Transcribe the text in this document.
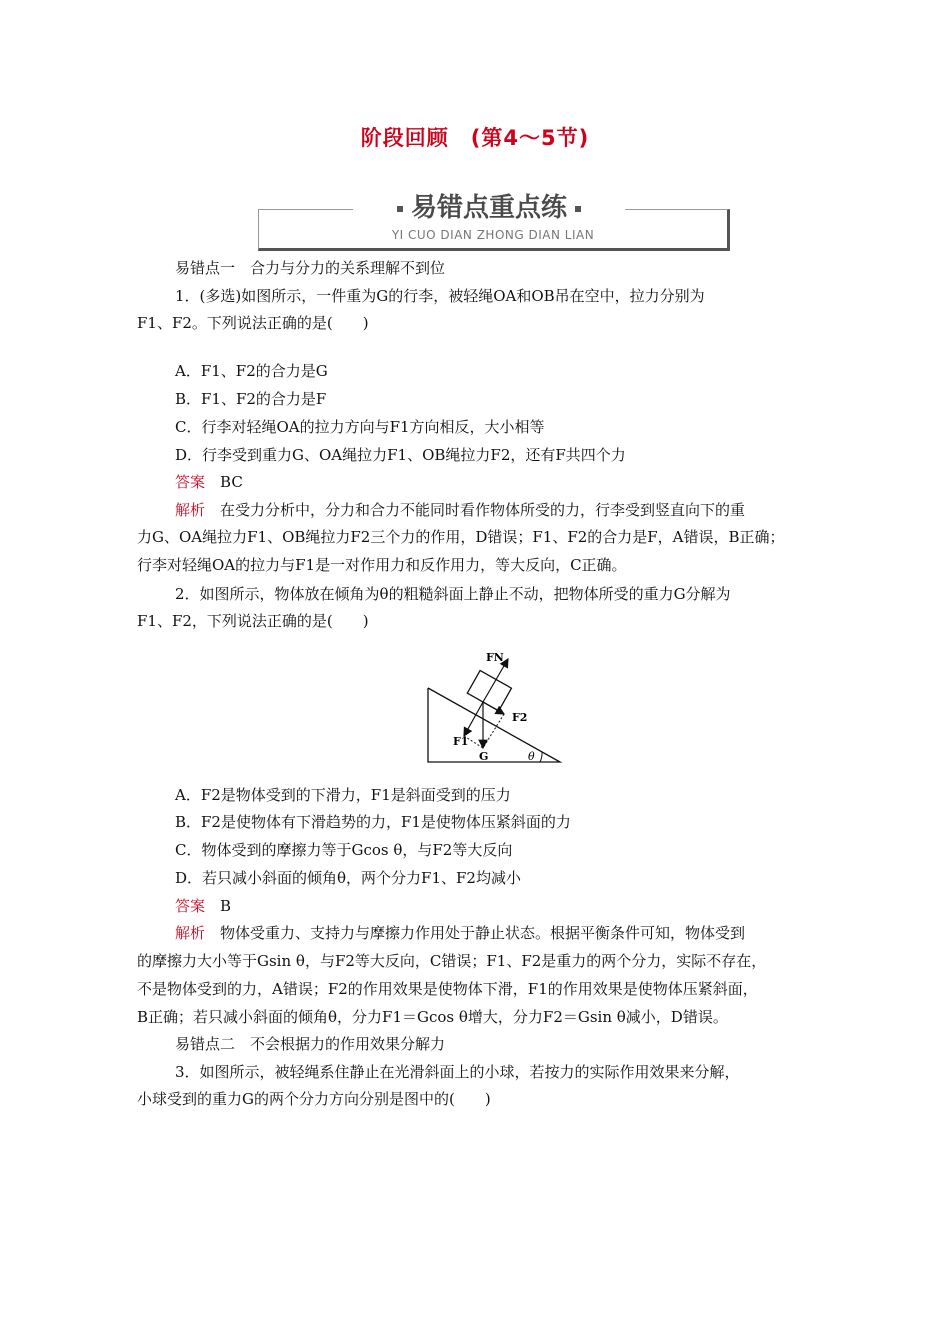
阶段回顾　(第4～5节)
易错点重点练
YI CUO DIAN ZHONG DIAN LIAN
易错点一　合力与分力的关系理解不到位
1．(多选)如图所示，一件重为G的行李，被轻绳OA和OB吊在空中，拉力分别为
F1、F2。下列说法正确的是(　　)
A．F1、F2的合力是G
B．F1、F2的合力是F
C．行李对轻绳OA的拉力方向与F1方向相反，大小相等
D．行李受到重力G、OA绳拉力F1、OB绳拉力F2，还有F共四个力
答案　 BC
解析　 在受力分析中，分力和合力不能同时看作物体所受的力，行李受到竖直向下的重
力G、OA绳拉力F1、OB绳拉力F2三个力的作用，D错误；F1、F2的合力是F，A错误，B正确；
行李对轻绳OA的拉力与F1是一对作用力和反作用力，等大反向，C正确。
2．如图所示，物体放在倾角为θ的粗糙斜面上静止不动，把物体所受的重力G分解为
F1、F2，下列说法正确的是(　　)
FN
F2
F1
G	θ
A．F2是物体受到的下滑力，F1是斜面受到的压力
B．F2是使物体有下滑趋势的力，F1是使物体压紧斜面的力
C．物体受到的摩擦力等于Gcos θ，与F2等大反向
D．若只减小斜面的倾角θ，两个分力F1、F2均减小
答案　 B
解析　 物体受重力、支持力与摩擦力作用处于静止状态。根据平衡条件可知，物体受到
的摩擦力大小等于Gsin θ，与F2等大反向，C错误；F1、F2是重力的两个分力，实际不存在，
不是物体受到的力，A错误；F2的作用效果是使物体下滑，F1的作用效果是使物体压紧斜面，
B正确；若只减小斜面的倾角θ，分力F1＝Gcos θ增大，分力F2＝Gsin θ减小，D错误。
易错点二　不会根据力的作用效果分解力
3．如图所示，被轻绳系住静止在光滑斜面上的小球，若按力的实际作用效果来分解，
小球受到的重力G的两个分力方向分别是图中的(　　)
